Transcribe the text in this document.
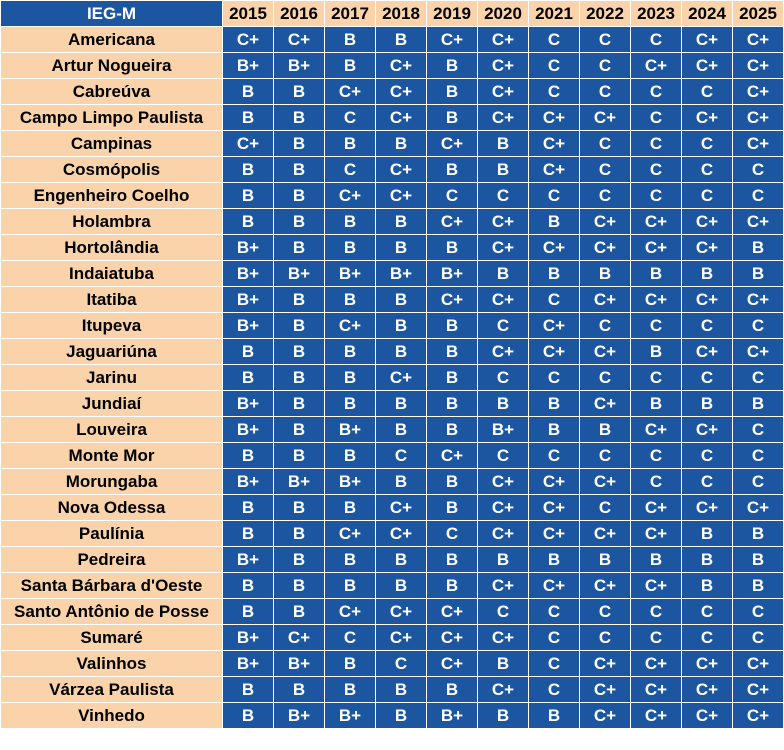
IEG-M	2015	2016	2017	2018	2019	2020	2021	2022	2023	2024	2025
Americana	C+	C+	B	B	C+	C+	C	C	C	C+	C+
Artur Nogueira	B+	B+	B	C+	B	C+	C	C	C+	C+	C+
Cabreúva	B	B	C+	C+	B	C+	C	C	C	C	C+
Campo Limpo Paulista	B	B	C	C+	B	C+	C+	C+	C	C+	C+
Campinas	C+	B	B	B	C+	B	C+	C	C	C	C+
Cosmópolis	B	B	C	C+	B	B	C+	C	C	C	C
Engenheiro Coelho	B	B	C+	C+	C	C	C	C	C	C	C
Holambra	B	B	B	B	C+	C+	B	C+	C+	C+	C+
Hortolândia	B+	B	B	B	B	C+	C+	C+	C+	C+	B
Indaiatuba	B+	B+	B+	B+	B+	B	B	B	B	B	B
Itatiba	B+	B	B	B	C+	C+	C	C+	C+	C+	C+
Itupeva	B+	B	C+	B	B	C	C+	C	C	C	C
Jaguariúna	B	B	B	B	B	C+	C+	C+	B	C+	C+
Jarinu	B	B	B	C+	B	C	C	C	C	C	C
Jundiaí	B+	B	B	B	B	B	B	C+	B	B	B
Louveira	B+	B	B+	B	B	B+	B	B	C+	C+	C
Monte Mor	B	B	B	C	C+	C	C	C	C	C	C
Morungaba	B+	B+	B+	B	B	C+	C+	C+	C	C	C
Nova Odessa	B	B	B	C+	B	C+	C+	C	C+	C+	C+
Paulínia	B	B	C+	C+	C	C+	C+	C+	C+	B	B
Pedreira	B+	B	B	B	B	B	B	B	B	B	B
Santa Bárbara d'Oeste	B	B	B	B	B	C+	C+	C+	C+	B	B
Santo Antônio de Posse	B	B	C+	C+	C+	C	C	C	C	C	C
Sumaré	B+	C+	C	C+	C+	C+	C	C	C	C	C
Valinhos	B+	B+	B	C	C+	B	C	C+	C+	C+	C+
Várzea Paulista	B	B	B	B	B	C+	C	C+	C+	C+	C+
Vinhedo	B	B+	B+	B	B+	B	B	C+	C+	C+	C+
